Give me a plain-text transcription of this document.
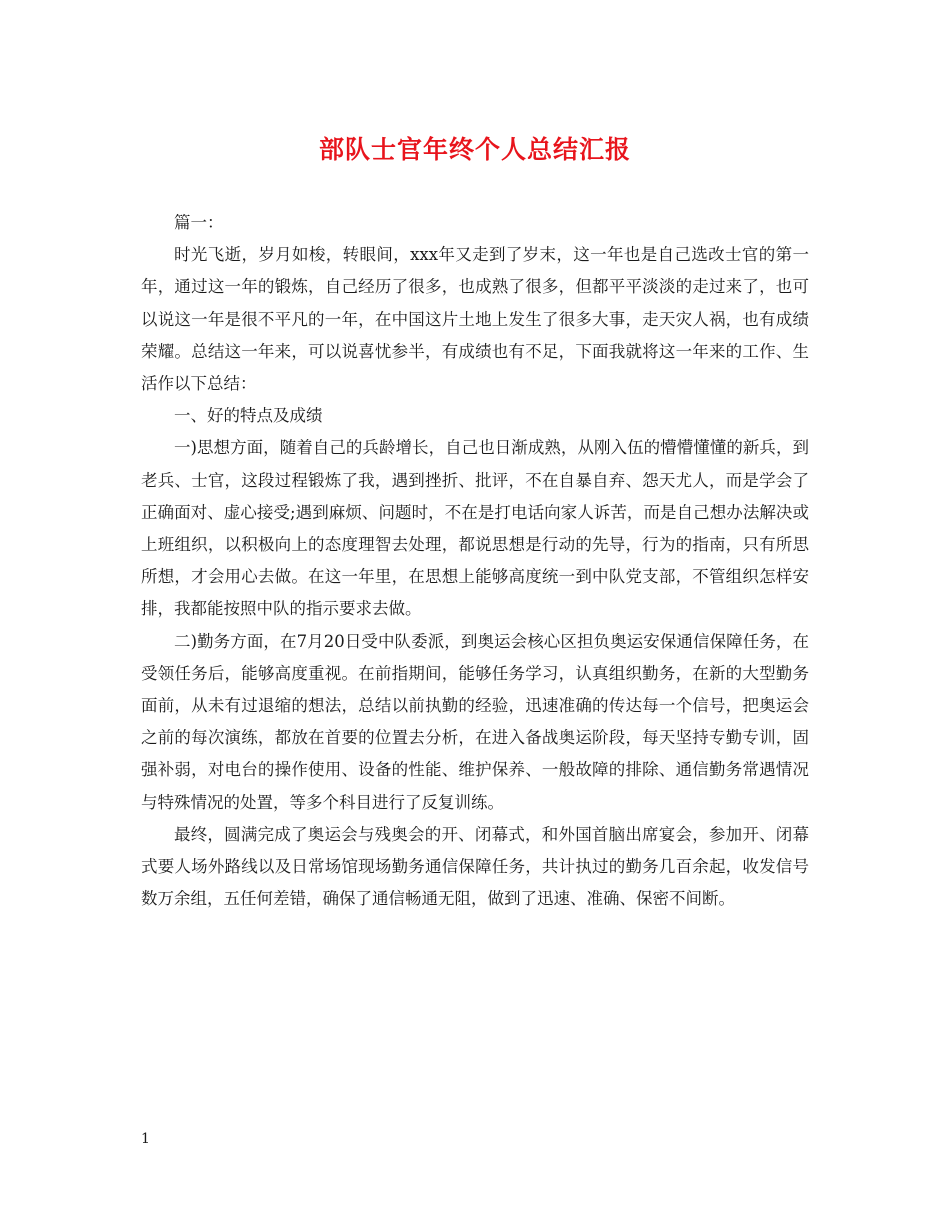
部队士官年终个人总结汇报

篇一：

时光飞逝，岁月如梭，转眼间，xxx年又走到了岁末，这一年也是自己选改士官的第一年，通过这一年的锻炼，自己经历了很多，也成熟了很多，但都平平淡淡的走过来了，也可以说这一年是很不平凡的一年，在中国这片土地上发生了很多大事，走天灾人祸，也有成绩荣耀。总结这一年来，可以说喜忧参半，有成绩也有不足，下面我就将这一年来的工作、生活作以下总结：

一、好的特点及成绩

一)思想方面，随着自己的兵龄增长，自己也日渐成熟，从刚入伍的懵懵懂懂的新兵，到老兵、士官，这段过程锻炼了我，遇到挫折、批评，不在自暴自弃、怨天尤人，而是学会了正确面对、虚心接受;遇到麻烦、问题时，不在是打电话向家人诉苦，而是自己想办法解决或上班组织，以积极向上的态度理智去处理，都说思想是行动的先导，行为的指南，只有所思所想，才会用心去做。在这一年里，在思想上能够高度统一到中队党支部，不管组织怎样安排，我都能按照中队的指示要求去做。

二)勤务方面，在7月20日受中队委派，到奥运会核心区担负奥运安保通信保障任务，在受领任务后，能够高度重视。在前指期间，能够任务学习，认真组织勤务，在新的大型勤务面前，从未有过退缩的想法，总结以前执勤的经验，迅速准确的传达每一个信号，把奥运会之前的每次演练，都放在首要的位置去分析，在进入备战奥运阶段，每天坚持专勤专训，固强补弱，对电台的操作使用、设备的性能、维护保养、一般故障的排除、通信勤务常遇情况与特殊情况的处置，等多个科目进行了反复训练。

最终，圆满完成了奥运会与残奥会的开、闭幕式，和外国首脑出席宴会，参加开、闭幕式要人场外路线以及日常场馆现场勤务通信保障任务，共计执过的勤务几百余起，收发信号数万余组，五任何差错，确保了通信畅通无阻，做到了迅速、准确、保密不间断。

1
